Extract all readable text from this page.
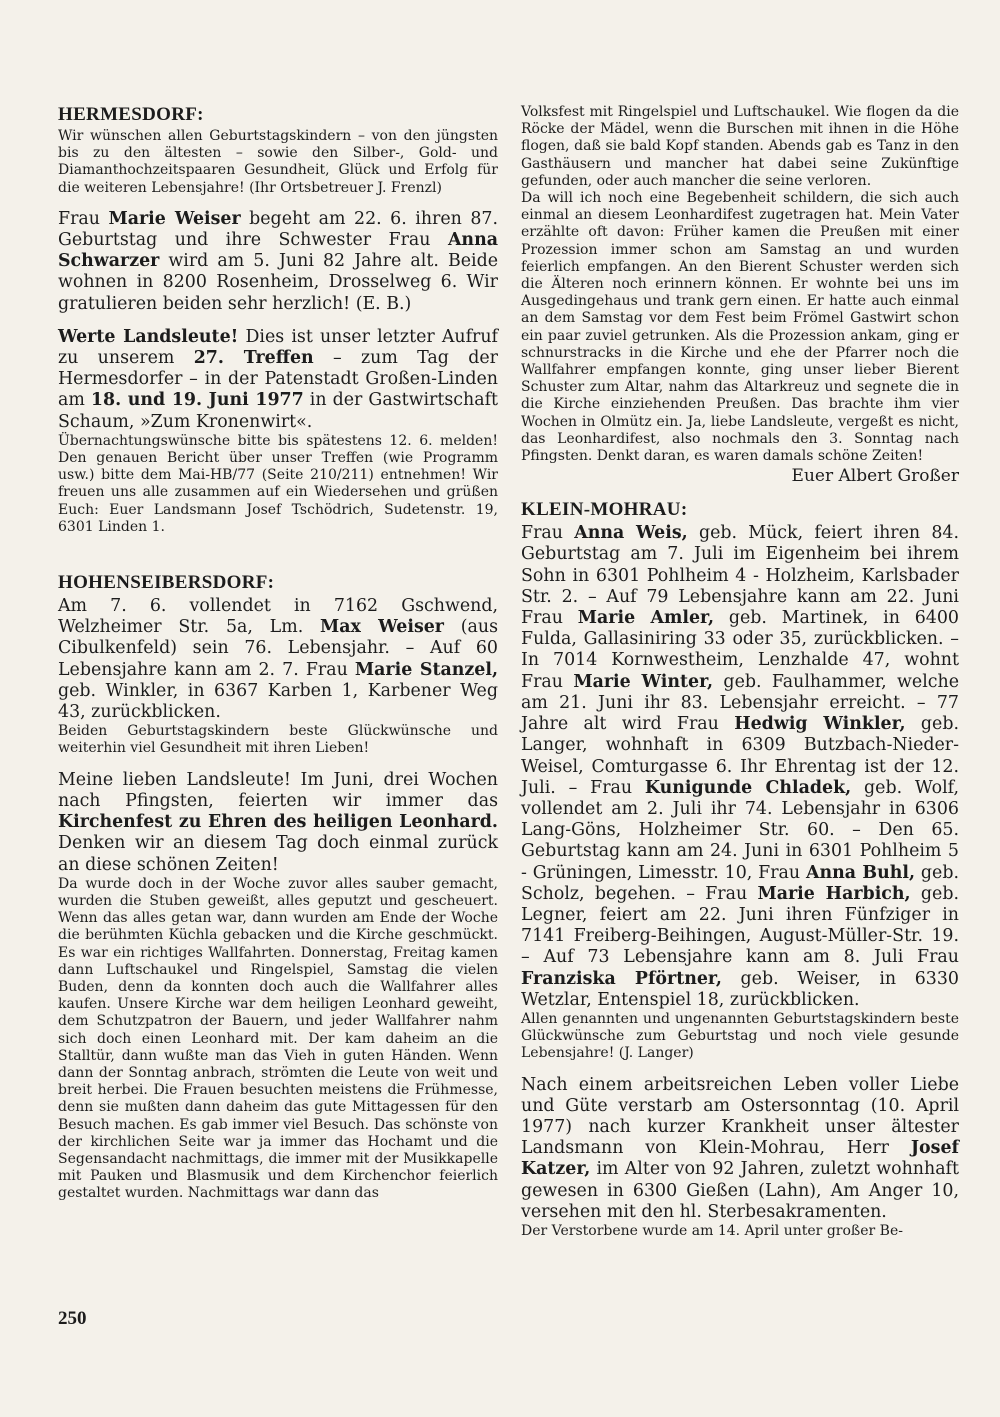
HERMESDORF:

Wir wünschen allen Geburtstagskindern – von den jüngsten bis zu den ältesten – sowie den Silber-, Gold- und Diamanthochzeitspaaren Gesundheit, Glück und Erfolg für die weiteren Lebensjahre! (Ihr Ortsbetreuer J. Frenzl)

Frau Marie Weiser begeht am 22. 6. ihren 87. Geburtstag und ihre Schwester Frau Anna Schwarzer wird am 5. Juni 82 Jahre alt. Beide wohnen in 8200 Rosenheim, Drosselweg 6. Wir gratulieren beiden sehr herzlich! (E. B.)

Werte Landsleute! Dies ist unser letzter Aufruf zu unserem 27. Treffen – zum Tag der Hermesdorfer – in der Patenstadt Großen-Linden am 18. und 19. Juni 1977 in der Gastwirtschaft Schaum, »Zum Kronenwirt«.

Übernachtungswünsche bitte bis spätestens 12. 6. melden! Den genauen Bericht über unser Treffen (wie Programm usw.) bitte dem Mai-HB/77 (Seite 210/211) entnehmen! Wir freuen uns alle zusammen auf ein Wiedersehen und grüßen Euch: Euer Landsmann Josef Tschödrich, Sudetenstr. 19, 6301 Linden 1.

HOHENSEIBERSDORF:

Am 7. 6. vollendet in 7162 Gschwend, Welzheimer Str. 5a, Lm. Max Weiser (aus Cibulkenfeld) sein 76. Lebensjahr. – Auf 60 Lebensjahre kann am 2. 7. Frau Marie Stanzel, geb. Winkler, in 6367 Karben 1, Karbener Weg 43, zurückblicken.

Beiden Geburtstagskindern beste Glückwünsche und weiterhin viel Gesundheit mit ihren Lieben!

Meine lieben Landsleute! Im Juni, drei Wochen nach Pfingsten, feierten wir immer das Kirchenfest zu Ehren des heiligen Leonhard. Denken wir an diesem Tag doch einmal zurück an diese schönen Zeiten!

Da wurde doch in der Woche zuvor alles sauber gemacht, wurden die Stuben geweißt, alles geputzt und gescheuert. Wenn das alles getan war, dann wurden am Ende der Woche die berühmten Küchla gebacken und die Kirche geschmückt. Es war ein richtiges Wallfahrten. Donnerstag, Freitag kamen dann Luftschaukel und Ringelspiel, Samstag die vielen Buden, denn da konnten doch auch die Wallfahrer alles kaufen. Unsere Kirche war dem heiligen Leonhard geweiht, dem Schutzpatron der Bauern, und jeder Wallfahrer nahm sich doch einen Leonhard mit. Der kam daheim an die Stalltür, dann wußte man das Vieh in guten Händen. Wenn dann der Sonntag anbrach, strömten die Leute von weit und breit herbei. Die Frauen besuchten meistens die Frühmesse, denn sie mußten dann daheim das gute Mittagessen für den Besuch machen. Es gab immer viel Besuch. Das schönste von der kirchlichen Seite war ja immer das Hochamt und die Segensandacht nachmittags, die immer mit der Musikkapelle mit Pauken und Blasmusik und dem Kirchenchor feierlich gestaltet wurden. Nachmittags war dann das

Volksfest mit Ringelspiel und Luftschaukel. Wie flogen da die Röcke der Mädel, wenn die Burschen mit ihnen in die Höhe flogen, daß sie bald Kopf standen. Abends gab es Tanz in den Gasthäusern und mancher hat dabei seine Zukünftige gefunden, oder auch mancher die seine verloren.

Da will ich noch eine Begebenheit schildern, die sich auch einmal an diesem Leonhardifest zugetragen hat. Mein Vater erzählte oft davon: Früher kamen die Preußen mit einer Prozession immer schon am Samstag an und wurden feierlich empfangen. An den Bierent Schuster werden sich die Älteren noch erinnern können. Er wohnte bei uns im Ausgedingehaus und trank gern einen. Er hatte auch einmal an dem Samstag vor dem Fest beim Frömel Gastwirt schon ein paar zuviel getrunken. Als die Prozession ankam, ging er schnurstracks in die Kirche und ehe der Pfarrer noch die Wallfahrer empfangen konnte, ging unser lieber Bierent Schuster zum Altar, nahm das Altarkreuz und segnete die in die Kirche einziehenden Preußen. Das brachte ihm vier Wochen in Olmütz ein. Ja, liebe Landsleute, vergeßt es nicht, das Leonhardifest, also nochmals den 3. Sonntag nach Pfingsten. Denkt daran, es waren damals schöne Zeiten!

Euer Albert Großer

KLEIN-MOHRAU:

Frau Anna Weis, geb. Mück, feiert ihren 84. Geburtstag am 7. Juli im Eigenheim bei ihrem Sohn in 6301 Pohlheim 4 - Holzheim, Karlsbader Str. 2. – Auf 79 Lebensjahre kann am 22. Juni Frau Marie Amler, geb. Martinek, in 6400 Fulda, Gallasiniring 33 oder 35, zurückblicken. – In 7014 Kornwestheim, Lenzhalde 47, wohnt Frau Marie Winter, geb. Faulhammer, welche am 21. Juni ihr 83. Lebensjahr erreicht. – 77 Jahre alt wird Frau Hedwig Winkler, geb. Langer, wohnhaft in 6309 Butzbach-Nieder-Weisel, Comturgasse 6. Ihr Ehrentag ist der 12. Juli. – Frau Kunigunde Chladek, geb. Wolf, vollendet am 2. Juli ihr 74. Lebensjahr in 6306 Lang-Göns, Holzheimer Str. 60. – Den 65. Geburtstag kann am 24. Juni in 6301 Pohlheim 5 - Grüningen, Limesstr. 10, Frau Anna Buhl, geb. Scholz, begehen. – Frau Marie Harbich, geb. Legner, feiert am 22. Juni ihren Fünfziger in 7141 Freiberg-Beihingen, August-Müller-Str. 19. – Auf 73 Lebensjahre kann am 8. Juli Frau Franziska Pförtner, geb. Weiser, in 6330 Wetzlar, Entenspiel 18, zurückblicken.

Allen genannten und ungenannten Geburtstagskindern beste Glückwünsche zum Geburtstag und noch viele gesunde Lebensjahre! (J. Langer)

Nach einem arbeitsreichen Leben voller Liebe und Güte verstarb am Ostersonntag (10. April 1977) nach kurzer Krankheit unser ältester Landsmann von Klein-Mohrau, Herr Josef Katzer, im Alter von 92 Jahren, zuletzt wohnhaft gewesen in 6300 Gießen (Lahn), Am Anger 10, versehen mit den hl. Sterbesakramenten.

Der Verstorbene wurde am 14. April unter großer Be-

250
